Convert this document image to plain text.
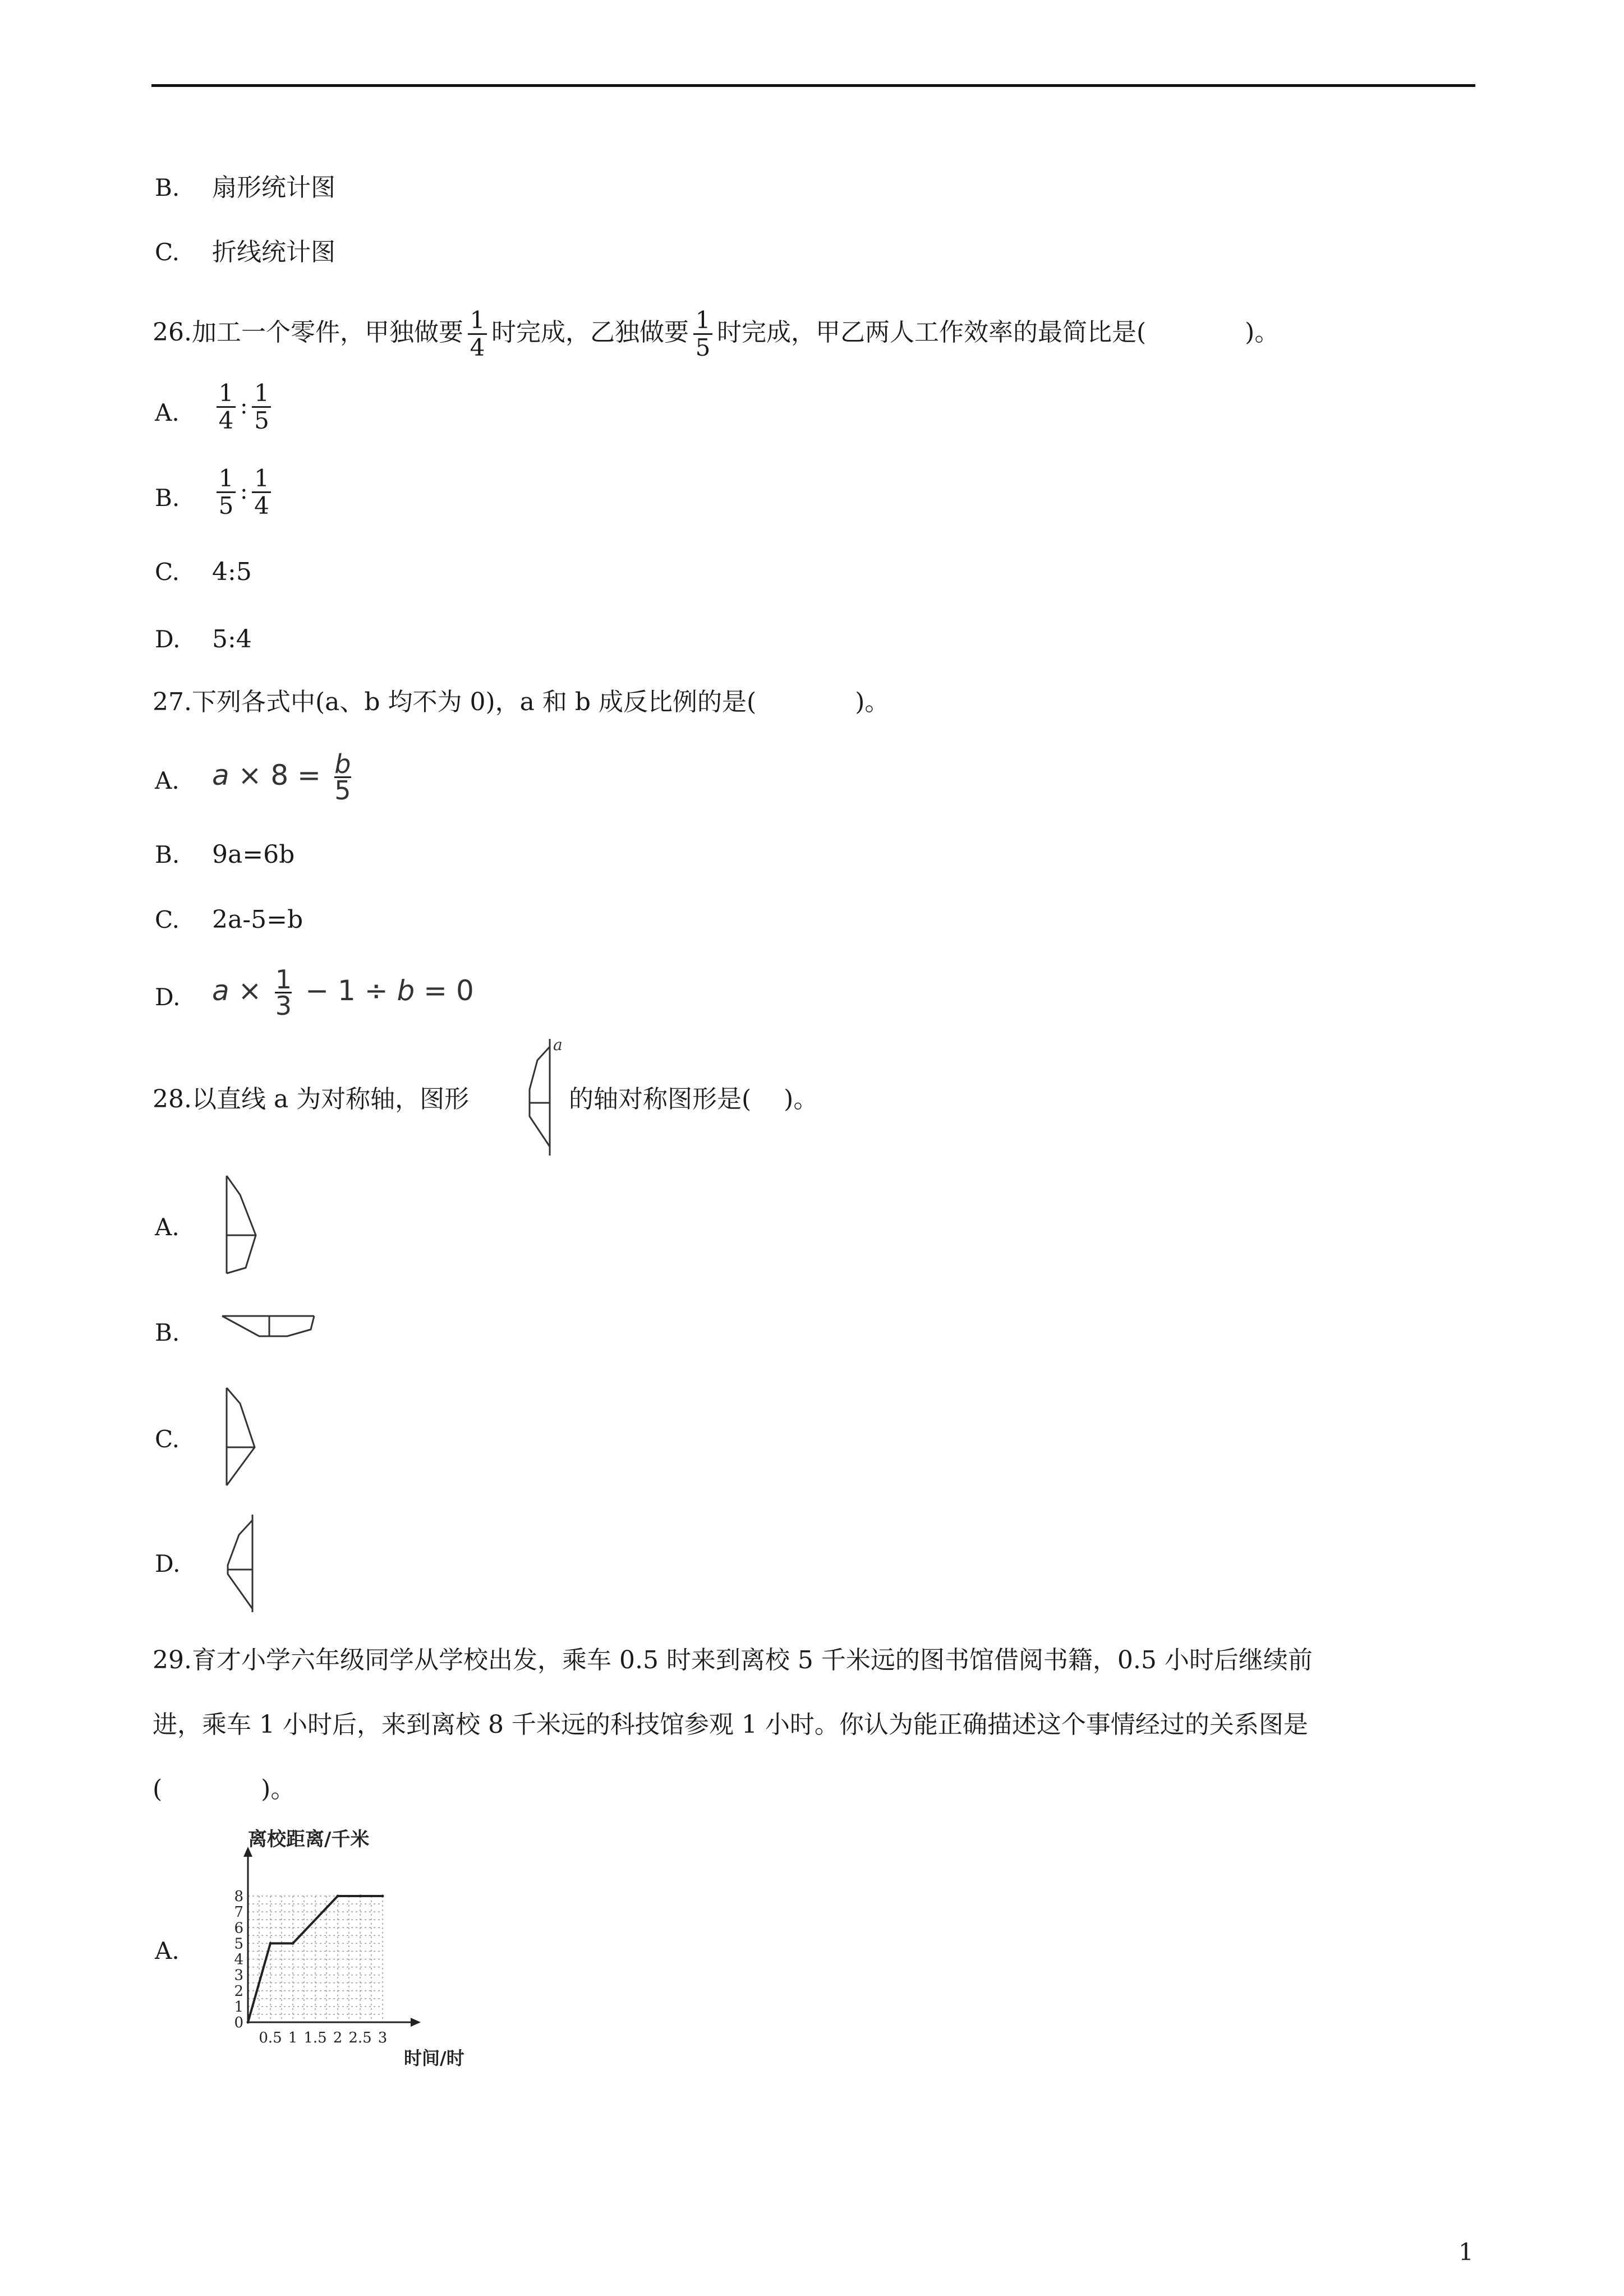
B. 扇形统计图
C. 折线统计图
26.加工一个零件，甲独做要 $\frac{1}{4}$ 时完成，乙独做要 $\frac{1}{5}$ 时完成，甲乙两人工作效率的最简比是(　　　　)。
A. $\frac{1}{4}$ : $\frac{1}{5}$
B. $\frac{1}{5}$ : $\frac{1}{4}$
C. 4:5
D. 5:4
27.下列各式中(a、b 均不为 0)，a 和 b 成反比例的是(　　　　)。
A. $a \times 8 = \frac{b}{5}$
B. 9a=6b
C. 2a-5=b
D. $a \times \frac{1}{3} - 1 \div b = 0$
28.以直线 a 为对称轴，图形
a
的轴对称图形是(　 )。
A.
B.
C.
D.
29.育才小学六年级同学从学校出发，乘车 0.5 时来到离校 5 千米远的图书馆借阅书籍，0.5 小时后继续前
进，乘车 1 小时后，来到离校 8 千米远的科技馆参观 1 小时。你认为能正确描述这个事情经过的关系图是
(　　　　)。
A.
0.5 1 1.5 2 2.5 3
0
1
2
3
4
5
6
7
8
离校距离/千米
时间/时
1
